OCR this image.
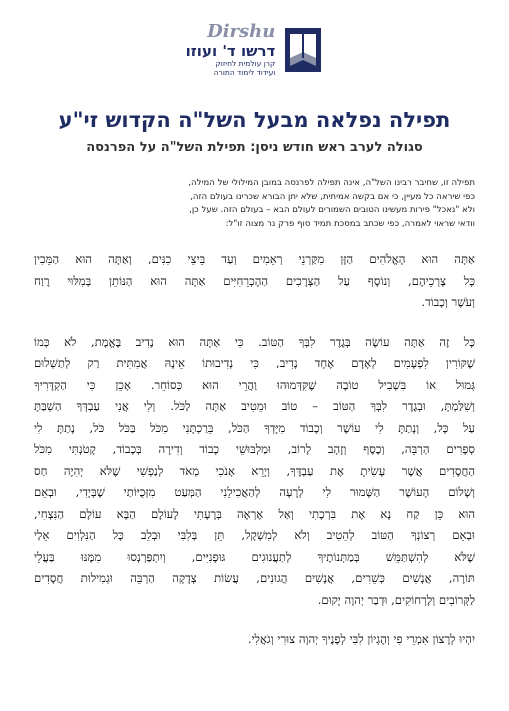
Dirshu
דרשו ד' ועוזו
קרן עולמית לחיזוק
ועידוד לימוד התורה
תפילה נפלאה מבעל השל"ה הקדוש זי"ע
סגולה לערב ראש חודש ניסן: תפילת השל"ה על הפרנסה
תפילה זו, שחיבר רבינו השל"ה, אינה תפילה לפרנסה במובן המילולי של המילה,
כפי שיראה כל מעיין, כי אם בקשה אמיתית, שלא יתן הבורא שכרינו בעולם הזה,
ולא "נאכל" פירות מעשינו הטובים השמורים לעולם הבא – בעולם הזה. שעל כן,
וודאי שראוי לאמרה, כפי שכתב במסכת תמיד סוף פרק נר מצוה זו"ל:
אַתָּה הוּא הָאֱלֹהִים הַזָּן מִקַּרְנֵי רְאֵמִים וְעַד בֵּיצֵי כִנִּים, וְאַתָּה הוּא הַמֵּכִין
כָּל צָרְכֵיהֶם, וְנוֹסָף עַל הַצְּרָכִים הַהֶכְרֵחִיִּים אַתָּה הוּא הַנּוֹתֵן בְּמִלּוּי רֶוַח
וְעֹשֶׁר וְכָבוֹד.
כָּל זֶה אַתָּה עוֹשֶׂה בְּגֶדֶר לִבְּךָ הַטּוֹב. כִּי אַתָּה הוּא נָדִיב בֶּאֱמֶת, לֹא כְּמוֹ
שֶׁקּוֹרִין לִפְעָמִים לְאָדָם אֶחָד נָדִיב, כִּי נְדִיבוּתוֹ אֵינָהּ אֲמִתִּית רַק לְתַשְׁלוּם
גְּמוּל אוֹ בִּשְׁבִיל טוֹבָה שֶׁקִּדְּמוּהוּ וַהֲרֵי הוּא כְּסוֹחֵר. אָכֵן כִּי הַקְדָּרִיךָ
וְשִׁלַּמְתָּ, וּבְגֶדֶר לִבְּךָ הַטּוֹב – טוֹב וּמֵטִיב אַתָּה לַכֹּל. וְלִי אֲנִי עַבְדְּךָ הַשְׁבַּתָּ
עַל כָּל, וְנָתַתָּ לִי עוֹשֶׁר וְכָבוֹד מִיָּדְךָ הַכֹּל, בֵּרַכְתָּנִי מִכֹּל בַּכֹּל כֹּל, נָתַתָּ לִי
סְפָרִים הַרְבֵּה, וְכֶסֶף וְזָהָב לָרוֹב, וּמַלְבּוּשֵׁי כָבוֹד וְדִירָה בְּכָבוֹד, קָטֹנְתִּי מִכֹּל
הַחֲסָדִים אֲשֶׁר עָשִׂיתָ אֶת עַבְדֶּךָ, וְיָרֵא אָנֹכִי מְאֹד לְנַפְשִׁי שֶׁלֹּא יְהִיֶה חַס
וְשָׁלוֹם הָעוֹשֶׁר הַשָּׁמוּר לִי לְרָעָה לְהַאֲכִילֵנִי הַמְּעַט מִזְּכֻיּוֹתַי שֶׁבְּיָדִי, וּבְאֵם
הוּא כֵּן קַח נָא אֶת בִּרְכָתִי וְאַל אֶרְאֶה בְּרָעָתִי לָעוֹלָם הַבָּא עוֹלָם הַנִּצְחִי,
וּבְאֵם רְצוֹנְךָ הַטּוֹב לְהֵטִיב וְלֹא לְמִשְׁקָל, תֵּן בְּלִבִּי וּבְלֵב כָּל הַנִּלְוִים אֵלַי
שֶׁלֹּא לְהִשְׁתַּמֵּשׁ בְּמַתְּנוֹתֶיךָ לְתַעֲנוּגִים גּוּפָנִיִּים, וְיִתְפַּרְנְסוּ מִמֶּנּוּ בַּעֲלֵי
תּוֹרָה, אֲנָשִׁים כְּשֵׁרִים, אֲנָשִׁים הֲגוּנִים, עֲשׂוֹת צְדָקָה הַרְבֵּה וּגְמִילוּת חֲסָדִים
לַקְּרוֹבִים וְלָרְחוֹקִים, וּדְבַר יְהוָה יָקוּם.
יִהְיוּ לְרָצוֹן אִמְרֵי פִי וְהֶגְיוֹן לִבִּי לְפָנֶיךָ יְהוָה צוּרִי וְגֹאֲלִי.
